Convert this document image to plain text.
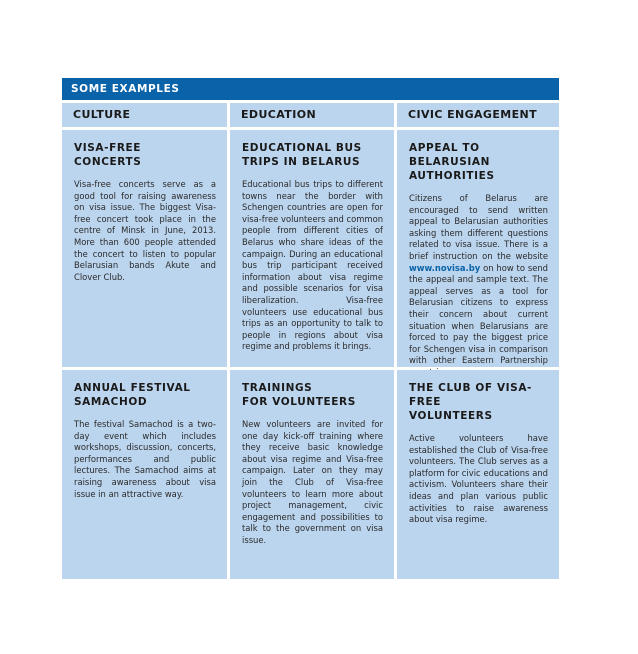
SOME EXAMPLES
CULTURE	EDUCATION	CIVIC ENGAGEMENT
VISA-FREE
CONCERTS
Visa-free concerts serve as a good tool for raising awareness on visa issue. The biggest Visa-free concert took place in the centre of Minsk in June, 2013. More than 600 people attended the concert to listen to popular Belarusian bands Akute and Clover Club.
EDUCATIONAL BUS
TRIPS IN BELARUS
Educational bus trips to different towns near the border with Schengen countries are open for visa-free volunteers and common people from different cities of Belarus who share ideas of the campaign. During an educational bus trip participant received information about visa regime and possible scenarios for visa liberalization. Visa-free volunteers use educational bus trips as an opportunity to talk to people in regions about visa regime and problems it brings.
APPEAL TO BELARUSIAN
AUTHORITIES
Citizens of Belarus are encouraged to send written appeal to Belarusian authorities asking them different questions related to visa issue. There is a brief instruction on the website www.novisa.by on how to send the appeal and sample text. The appeal serves as a tool for Belarusian citizens to express their concern about current situation when Belarusians are forced to pay the biggest price for Schengen visa in comparison with other Eastern Partnership
ANNUAL FESTIVAL
SAMACHOD
The festival Samachod is a two-day event which includes workshops, discussion, concerts, performances and public lectures. The Samachod aims at raising awareness about visa issue in an attractive way.
TRAININGS
FOR VOLUNTEERS
New volunteers are invited for one day kick-off training where they receive basic knowledge about visa regime and Visa-free campaign. Later on they may join the Club of Visa-free volunteers to learn more about project management, civic engagement and possibilities to talk to the government on visa issue.
THE CLUB OF VISA-FREE
VOLUNTEERS
Active volunteers have established the Club of Visa-free volunteers. The Club serves as a platform for civic educations and activism. Volunteers share their ideas and plan various public activities to raise awareness about visa regime.
